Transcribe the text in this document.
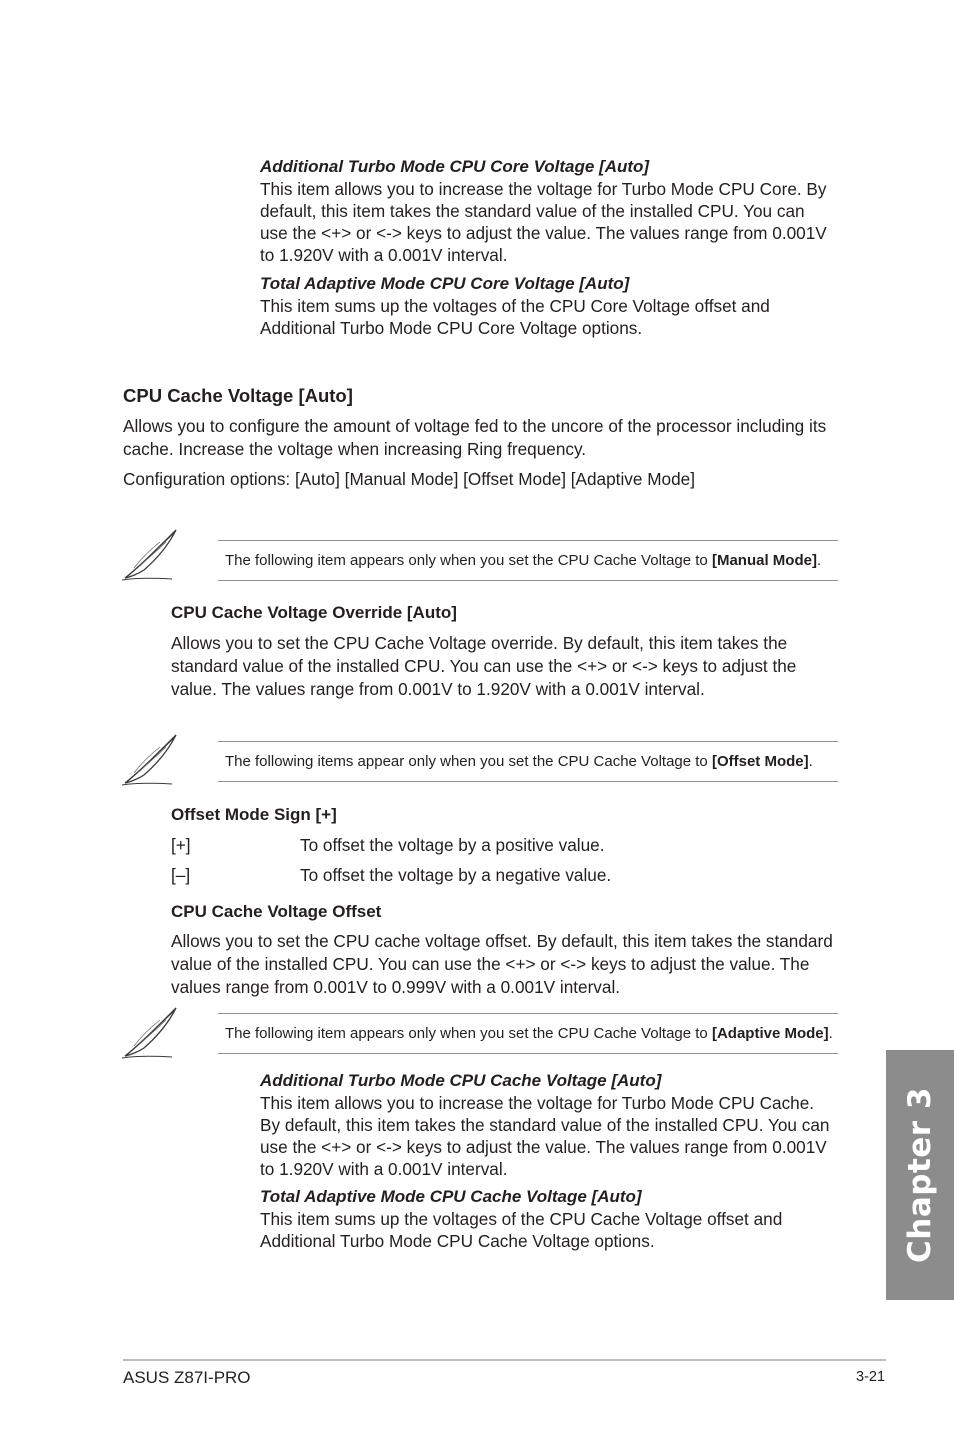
Additional Turbo Mode CPU Core Voltage [Auto]

This item allows you to increase the voltage for Turbo Mode CPU Core. By

default, this item takes the standard value of the installed CPU. You can

use the <+> or <-> keys to adjust the value. The values range from 0.001V

to 1.920V with a 0.001V interval.

Total Adaptive Mode CPU Core Voltage [Auto]

This item sums up the voltages of the CPU Core Voltage offset and

Additional Turbo Mode CPU Core Voltage options.

CPU Cache Voltage [Auto]

Allows you to configure the amount of voltage fed to the uncore of the processor including its

cache. Increase the voltage when increasing Ring frequency.

Configuration options: [Auto] [Manual Mode] [Offset Mode] [Adaptive Mode]

The following item appears only when you set the CPU Cache Voltage to [Manual Mode].

CPU Cache Voltage Override [Auto]

Allows you to set the CPU Cache Voltage override. By default, this item takes the

standard value of the installed CPU. You can use the <+> or <-> keys to adjust the

value. The values range from 0.001V to 1.920V with a 0.001V interval.

The following items appear only when you set the CPU Cache Voltage to [Offset Mode].

Offset Mode Sign [+]

[+]	To offset the voltage by a positive value.
[–]	To offset the voltage by a negative value.

CPU Cache Voltage Offset

Allows you to set the CPU cache voltage offset. By default, this item takes the standard

value of the installed CPU. You can use the <+> or <-> keys to adjust the value. The

values range from 0.001V to 0.999V with a 0.001V interval.

The following item appears only when you set the CPU Cache Voltage to [Adaptive Mode].

Additional Turbo Mode CPU Cache Voltage [Auto]

This item allows you to increase the voltage for Turbo Mode CPU Cache.

By default, this item takes the standard value of the installed CPU. You can

use the <+> or <-> keys to adjust the value. The values range from 0.001V

to 1.920V with a 0.001V interval.

Total Adaptive Mode CPU Cache Voltage [Auto]

This item sums up the voltages of the CPU Cache Voltage offset and

Additional Turbo Mode CPU Cache Voltage options.	Chapter 3
ASUS Z87I-PRO	3-21
